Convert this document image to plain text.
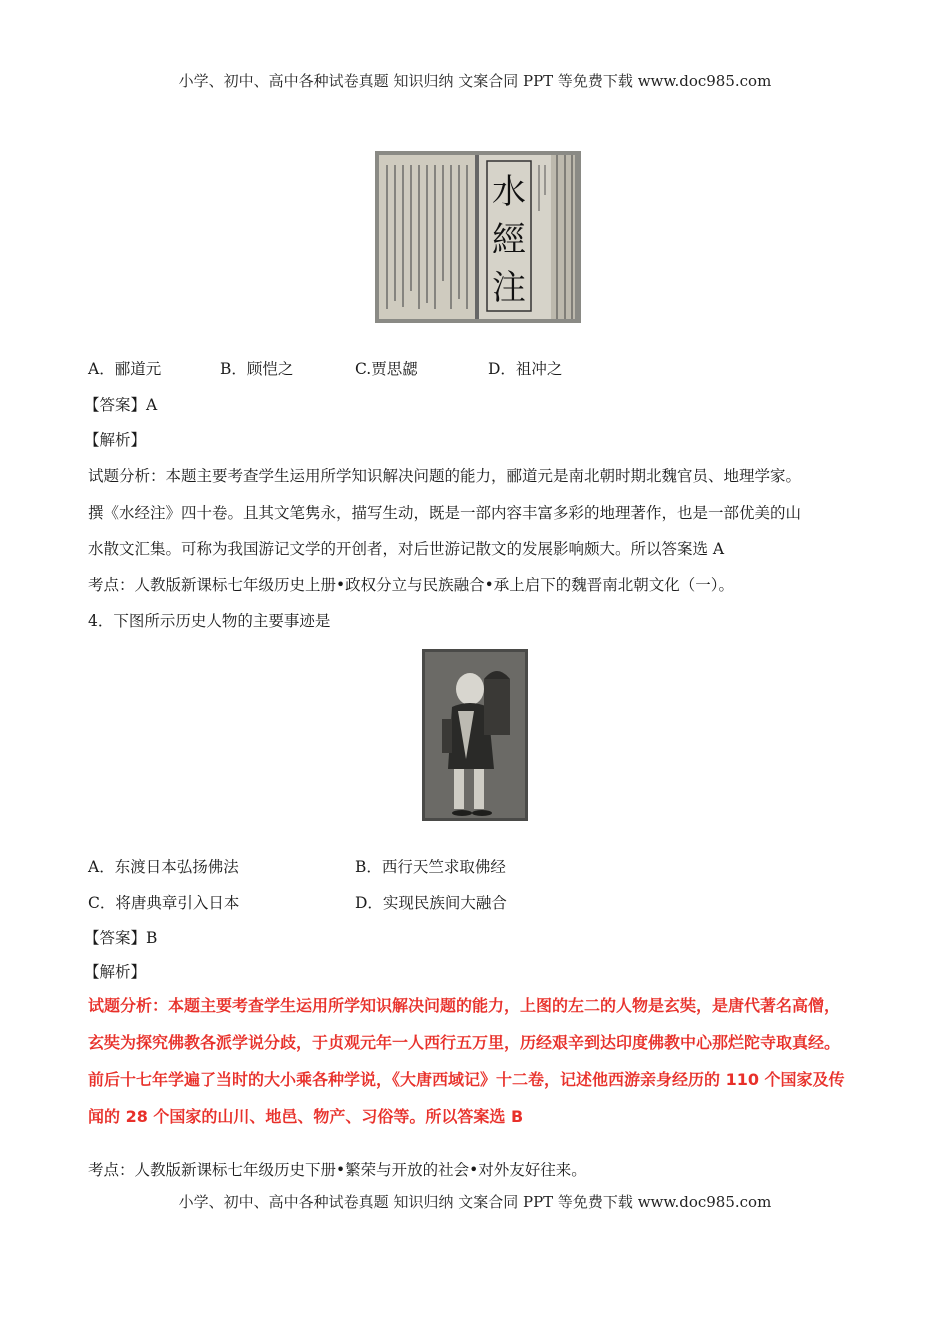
小学、初中、高中各种试卷真题 知识归纳 文案合同 PPT 等免费下载 www.doc985.com
水
經
注
A．郦道元	B．顾恺之	C.贾思勰	D．祖冲之
【答案】A
【解析】
试题分析：本题主要考查学生运用所学知识解决问题的能力，郦道元是南北朝时期北魏官员、地理学家。
撰《水经注》四十卷。且其文笔隽永，描写生动，既是一部内容丰富多彩的地理著作，也是一部优美的山
水散文汇集。可称为我国游记文学的开创者，对后世游记散文的发展影响颇大。所以答案选 A
考点：人教版新课标七年级历史上册•政权分立与民族融合•承上启下的魏晋南北朝文化（一）。
4．下图所示历史人物的主要事迹是
A．东渡日本弘扬佛法	B．西行天竺求取佛经
C．将唐典章引入日本	D．实现民族间大融合
【答案】B
【解析】
试题分析：本题主要考查学生运用所学知识解决问题的能力，上图的左二的人物是玄奘，是唐代著名高僧，
玄奘为探究佛教各派学说分歧，于贞观元年一人西行五万里，历经艰辛到达印度佛教中心那烂陀寺取真经。
前后十七年学遍了当时的大小乘各种学说，《大唐西域记》十二卷，记述他西游亲身经历的 110 个国家及传
闻的 28 个国家的山川、地邑、物产、习俗等。所以答案选 B
考点：人教版新课标七年级历史下册•繁荣与开放的社会•对外友好往来。
小学、初中、高中各种试卷真题 知识归纳 文案合同 PPT 等免费下载 www.doc985.com
